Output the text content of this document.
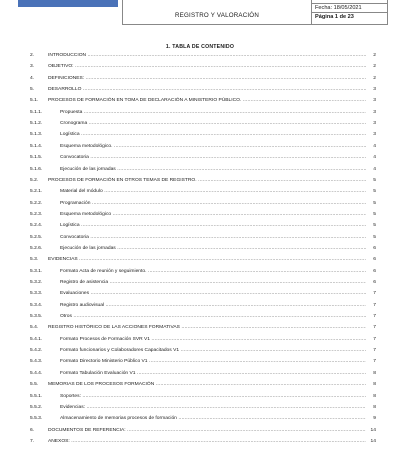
REGISTRO Y VALORACIÓN
Fecha: 18/05/2021
Página 1 de 23
1. TABLA DE CONTENIDO
2.	INTRODUCCION .....	2
3.	OBJETIVO: .....	2
4.	DEFINICIONES: .....	2
5.	DESARROLLO .....	3
5.1. PROCESOS DE FORMACIÓN EN TOMA DE DECLARACIÓN A MINISTERIO PÚBLICO. .....	3
5.1.1.	Propuesta .....	3
5.1.2.	Cronograma .....	3
5.1.3.	Logística .....	3
5.1.4.	Esquema metodológico. .....	4
5.1.5.	Convocatoria .....	4
5.1.6.	Ejecución de las jornadas .....	4
5.2. PROCESOS DE FORMACIÓN EN OTROS TEMAS DE REGISTRO. .....	5
5.2.1.	Material del módulo .....	5
5.2.2.	Programación .....	5
5.2.3.	Esquema metodológico .....	5
5.2.4.	Logística .....	5
5.2.5.	Convocatoria .....	5
5.2.6.	Ejecución de las jornadas .....	6
5.3. EVIDENCIAS .....	6
5.3.1.	Formato Acta de reunión y seguimiento. .....	6
5.3.2.	Registro de asistencia .....	6
5.3.3.	Evaluaciones .....	7
5.3.4.	Registro audiovisual .....	7
5.3.5.	Otros .....	7
5.4. REGISTRO HISTÓRICO DE LAS ACCIONES FORMATIVAS .....	7
5.4.1.	Formato Procesos de Formación SVR V1 .....	7
5.4.2.	Formato funcionarios y Colaboradores Capacitados V1 .....	7
5.4.3.	Formato Directorio Ministerio Público V1 .....	7
5.4.4.	Formato Tabulación Evaluación V1 .....	8
5.5. MEMORIAS DE LOS PROCESOS FORMACIÓN .....	8
5.5.1.	Soportes: .....	8
5.5.2.	Evidencias: .....	8
5.5.3.	Almacenamiento de memorias procesos de formación .....	9
6.	DOCUMENTOS DE REFERENCIA: .....	14
7.	ANEXOS: .....	14
